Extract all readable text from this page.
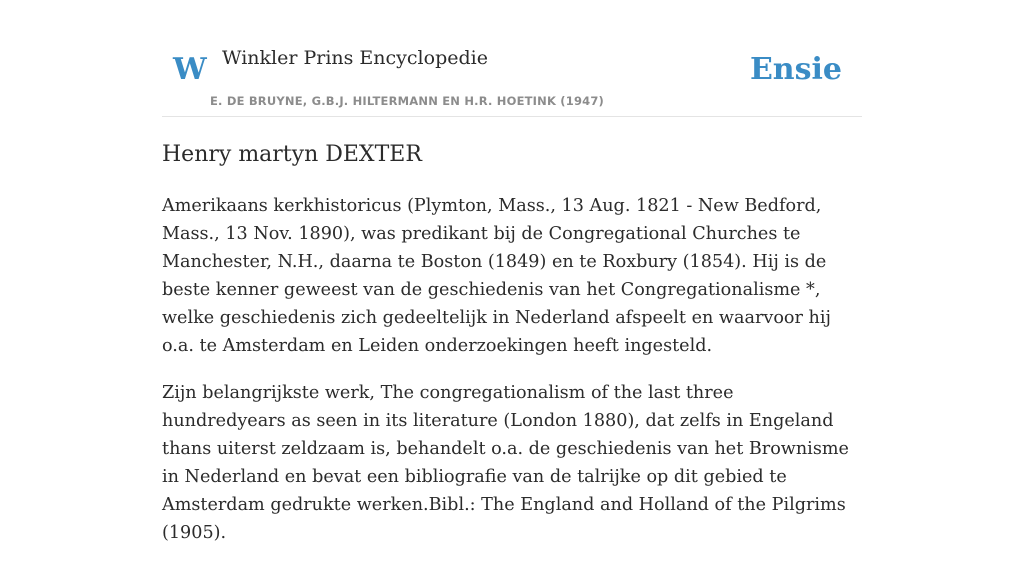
W Winkler Prins Encyclopedie
E. DE BRUYNE, G.B.J. HILTERMANN EN H.R. HOETINK (1947)
Ensie
Henry martyn DEXTER

Amerikaans kerkhistoricus (Plymton, Mass., 13 Aug. 1821 - New Bedford, Mass., 13 Nov. 1890), was predikant bij de Congregational Churches te Manchester, N.H., daarna te Boston (1849) en te Roxbury (1854). Hij is de beste kenner geweest van de geschiedenis van het Congregationalisme *, welke geschiedenis zich gedeeltelijk in Nederland afspeelt en waarvoor hij o.a. te Amsterdam en Leiden onderzoekingen heeft ingesteld.

Zijn belangrijkste werk, The congregationalism of the last three hundredyears as seen in its literature (London 1880), dat zelfs in Engeland thans uiterst zeldzaam is, behandelt o.a. de geschiedenis van het Brownisme in Nederland en bevat een bibliografie van de talrijke op dit gebied te Amsterdam gedrukte werken.Bibl.: The England and Holland of the Pilgrims (1905).
